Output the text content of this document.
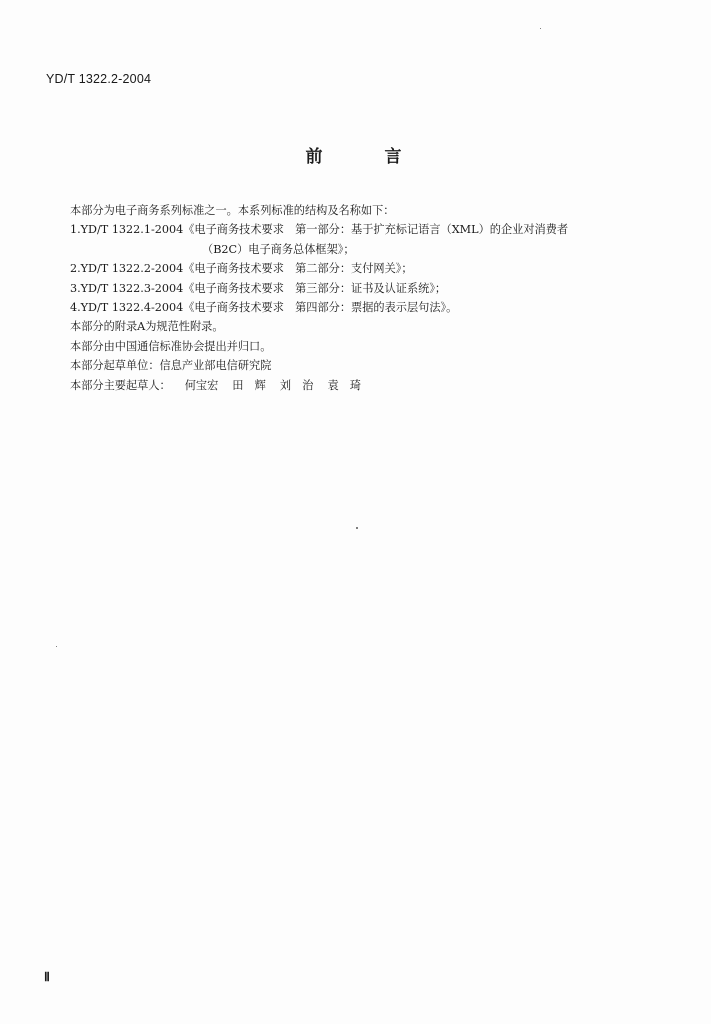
YD/T 1322.2-2004
前言
本部分为电子商务系列标准之一。本系列标准的结构及名称如下：
1.YD/T 1322.1-2004《电子商务技术要求　第一部分：基于扩充标记语言（XML）的企业对消费者
（B2C）电子商务总体框架》；
2.YD/T 1322.2-2004《电子商务技术要求　第二部分：支付网关》；
3.YD/T 1322.3-2004《电子商务技术要求　第三部分：证书及认证系统》；
4.YD/T 1322.4-2004《电子商务技术要求　第四部分：票据的表示层句法》。
本部分的附录A为规范性附录。
本部分由中国通信标准协会提出并归口。
本部分起草单位：信息产业部电信研究院
本部分主要起草人： 何宝宏 田　辉 刘　治 袁　琦
Ⅱ
